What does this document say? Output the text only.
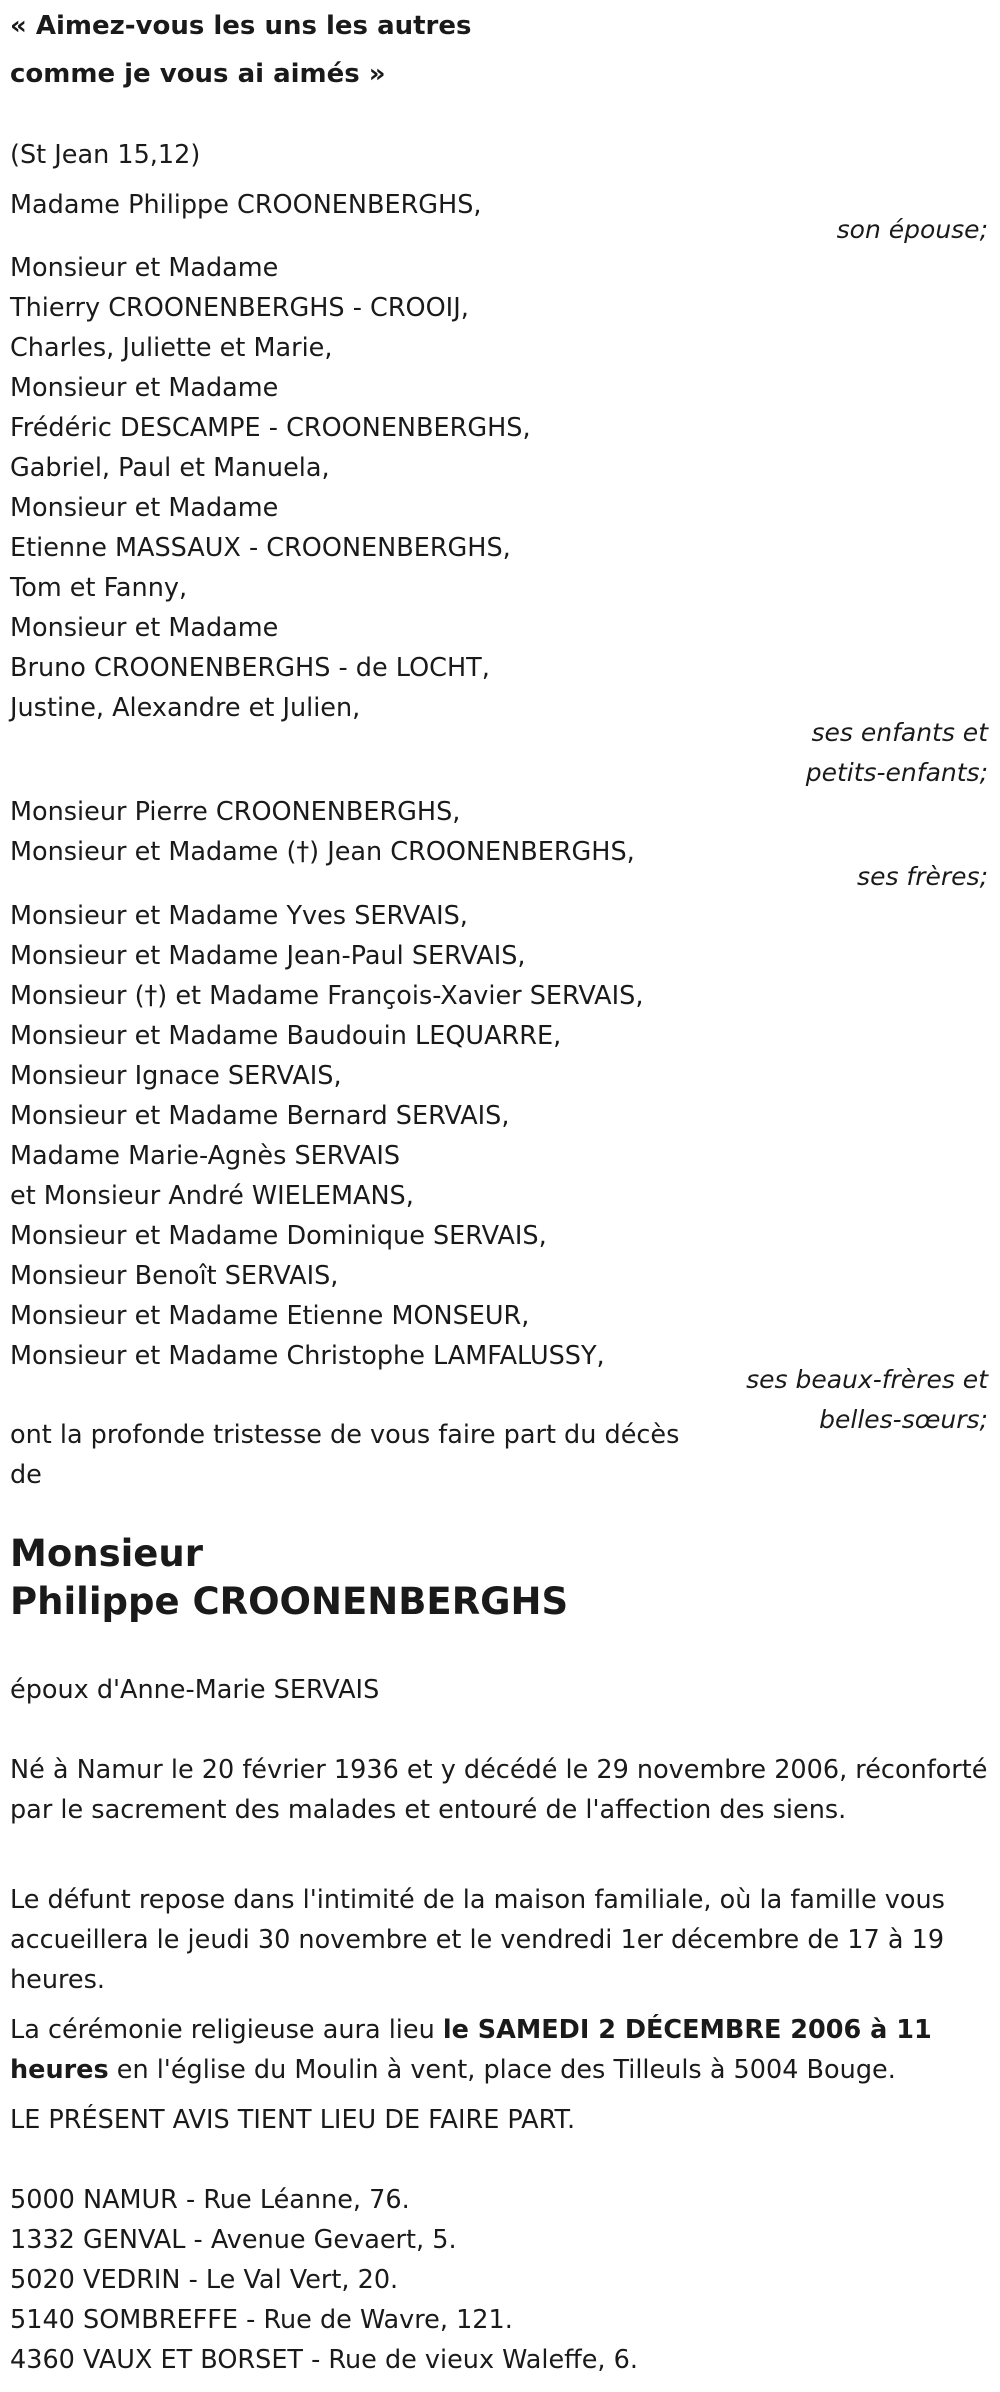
« Aimez-vous les uns les autres
comme je vous ai aimés »
(St Jean 15,12)
Madame Philippe CROONENBERGHS,
son épouse;
Monsieur et Madame
Thierry CROONENBERGHS - CROOIJ,
Charles, Juliette et Marie,
Monsieur et Madame
Frédéric DESCAMPE - CROONENBERGHS,
Gabriel, Paul et Manuela,
Monsieur et Madame
Etienne MASSAUX - CROONENBERGHS,
Tom et Fanny,
Monsieur et Madame
Bruno CROONENBERGHS - de LOCHT,
Justine, Alexandre et Julien,
ses enfants et
petits-enfants;
Monsieur Pierre CROONENBERGHS,
Monsieur et Madame (†) Jean CROONENBERGHS,
ses frères;
Monsieur et Madame Yves SERVAIS,
Monsieur et Madame Jean-Paul SERVAIS,
Monsieur (†) et Madame François-Xavier SERVAIS,
Monsieur et Madame Baudouin LEQUARRE,
Monsieur Ignace SERVAIS,
Monsieur et Madame Bernard SERVAIS,
Madame Marie-Agnès SERVAIS
et Monsieur André WIELEMANS,
Monsieur et Madame Dominique SERVAIS,
Monsieur Benoît SERVAIS,
Monsieur et Madame Etienne MONSEUR,
Monsieur et Madame Christophe LAMFALUSSY,
ses beaux-frères et
belles-sœurs;
ont la profonde tristesse de vous faire part du décès
de
Monsieur
Philippe CROONENBERGHS
époux d'Anne-Marie SERVAIS
Né à Namur le 20 février 1936 et y décédé le 29 novembre 2006, réconforté par le sacrement des malades et entouré de l'affection des siens.
Le défunt repose dans l'intimité de la maison familiale, où la famille vous accueillera le jeudi 30 novembre et le vendredi 1er décembre de 17 à 19 heures.
La cérémonie religieuse aura lieu le SAMEDI 2 DÉCEMBRE 2006 à 11 heures en l'église du Moulin à vent, place des Tilleuls à 5004 Bouge.
LE PRÉSENT AVIS TIENT LIEU DE FAIRE PART.
5000 NAMUR - Rue Léanne, 76.
1332 GENVAL - Avenue Gevaert, 5.
5020 VEDRIN - Le Val Vert, 20.
5140 SOMBREFFE - Rue de Wavre, 121.
4360 VAUX ET BORSET - Rue de vieux Waleffe, 6.
